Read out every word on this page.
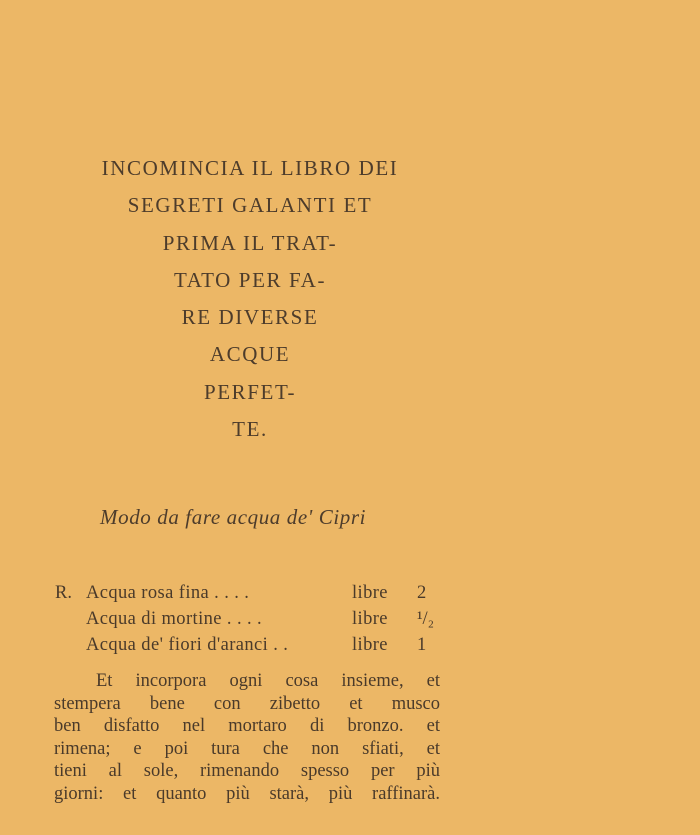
INCOMINCIA IL LIBRO DEI
SEGRETI GALANTI ET
PRIMA IL TRAT-
TATO PER FA-
RE DIVERSE
ACQUE
PERFET-
TE.
Modo da fare acqua de' Cipri
R. Acqua rosa fina . . . .	libre 2
Acqua di mortine . . . .	libre ¹/₂
Acqua de' fiori d'aranci . .	libre 1
Et incorpora ogni cosa insieme, et
stempera bene con zibetto et musco
ben disfatto nel mortaro di bronzo. et
rimena; e poi tura che non sfiati, et
tieni al sole, rimenando spesso per più
giorni: et quanto più starà, più raffinarà.
